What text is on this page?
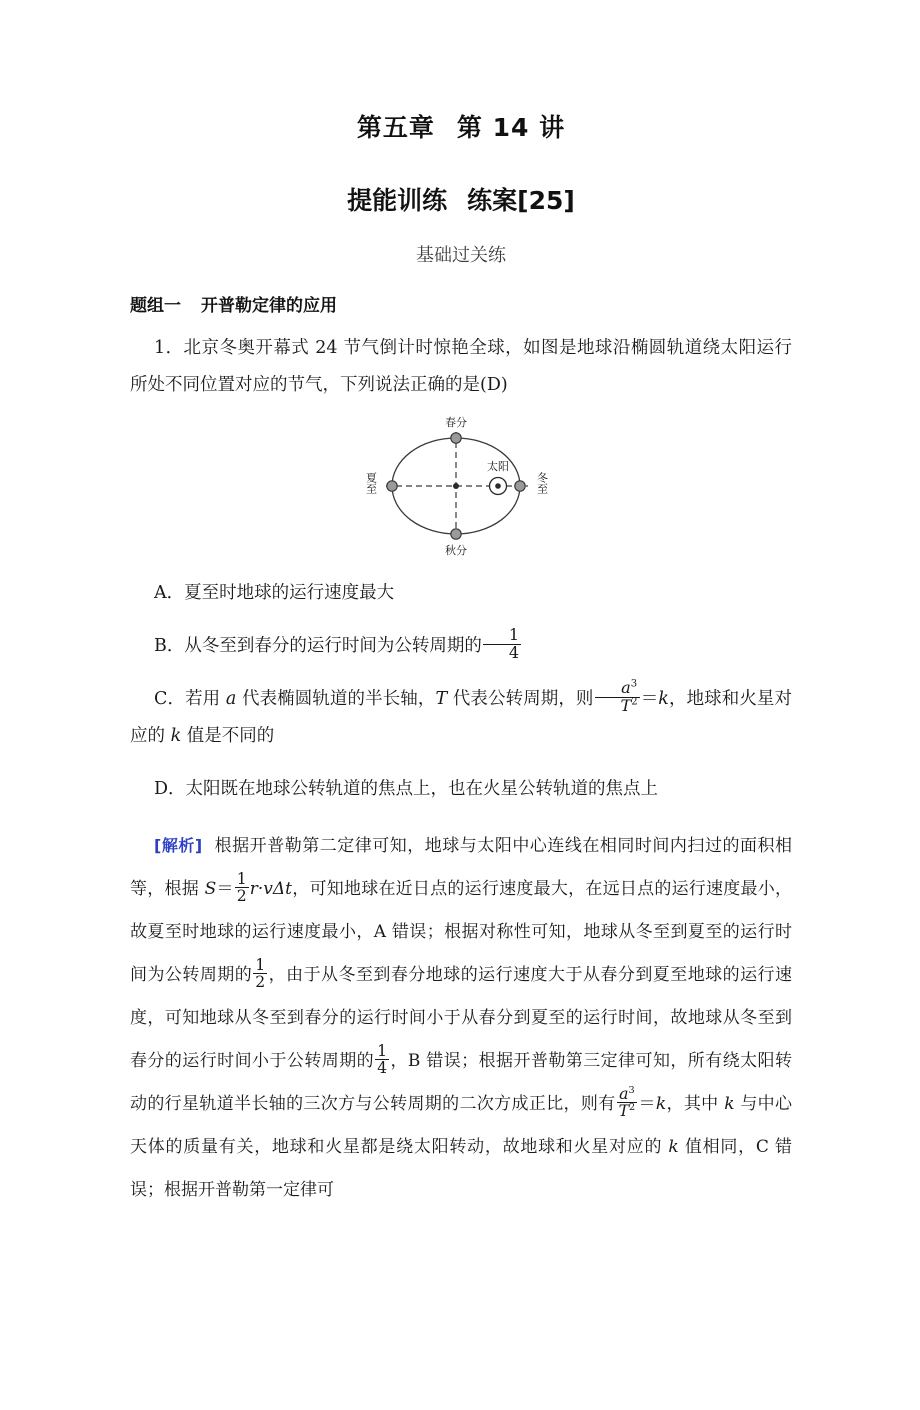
第五章 第 14 讲
提能训练 练案[25]
基础过关练
题组一 开普勒定律的应用
1．北京冬奥开幕式 24 节气倒计时惊艳全球，如图是地球沿椭圆轨道绕太阳运行所处不同位置对应的节气，下列说法正确的是(D)
春分
秋分
夏至	冬至
太阳
A．夏至时地球的运行速度最大
B．从冬至到春分的运行时间为公转周期的 $\frac{1}{4}$
C．若用 a 代表椭圆轨道的半长轴，T 代表公转周期，则 $\frac{a^3}{T^2} =k$，地球和火星对应的 k 值是不同的
D．太阳既在地球公转轨道的焦点上，也在火星公转轨道的焦点上
[解析] 根据开普勒第二定律可知，地球与太阳中心连线在相同时间内扫过的面积相等，根据 $S= \frac{1}{2} r\cdot v\Delta t$，可知地球在近日点的运行速度最大，在远日点的运行速度最小，故夏至时地球的运行速度最小，A 错误；根据对称性可知，地球从冬至到夏至的运行时间为公转周期的 $\frac{1}{2}$ ，由于从冬至到春分地球的运行速度大于从春分到夏至地球的运行速度，可知地球从冬至到春分的运行时间小于从春分到夏至的运行时间，故地球从冬至到春分的运行时间小于公转周期的 $\frac{1}{4}$ ，B 错误；根据开普勒第三定律可知，所有绕太阳转动的行星轨道半长轴的三次方与公转周期的二次方成正比，则有 $\frac{a^3}{T^2} =k$，其中 k 与中心天体的质量有关，地球和火星都是绕太阳转动，故地球和火星对应的 k 值相同，C 错误；根据开普勒第一定律可
